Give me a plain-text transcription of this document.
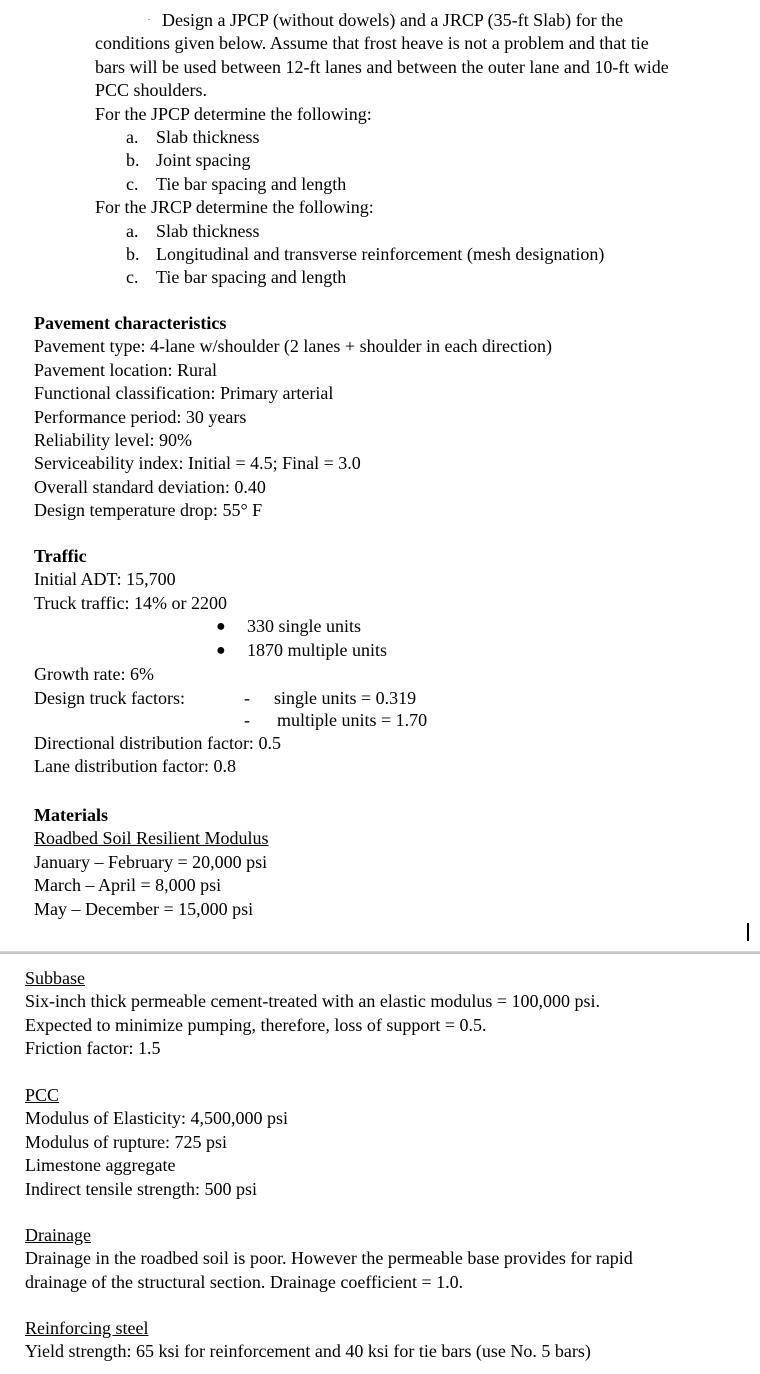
Design a JPCP (without dowels) and a JRCP (35-ft Slab) for the
conditions given below. Assume that frost heave is not a problem and that tie
bars will be used between 12-ft lanes and between the outer lane and 10-ft wide
PCC shoulders.
For the JPCP determine the following:
a. Slab thickness
b. Joint spacing
c. Tie bar spacing and length
For the JRCP determine the following:
a. Slab thickness
b. Longitudinal and transverse reinforcement (mesh designation)
c. Tie bar spacing and length
Pavement characteristics
Pavement type: 4-lane w/shoulder (2 lanes + shoulder in each direction)
Pavement location: Rural
Functional classification: Primary arterial
Performance period: 30 years
Reliability level: 90%
Serviceability index: Initial = 4.5; Final = 3.0
Overall standard deviation: 0.40
Design temperature drop: 55° F
Traffic
Initial ADT: 15,700
Truck traffic: 14% or 2200
●	330 single units
●	1870 multiple units
Growth rate: 6%
Design truck factors:	-	single units = 0.319
-	multiple units = 1.70
Directional distribution factor: 0.5
Lane distribution factor: 0.8
Materials
Roadbed Soil Resilient Modulus
January – February = 20,000 psi
March – April = 8,000 psi
May – December = 15,000 psi
Subbase
Six-inch thick permeable cement-treated with an elastic modulus = 100,000 psi.
Expected to minimize pumping, therefore, loss of support = 0.5.
Friction factor: 1.5
PCC
Modulus of Elasticity: 4,500,000 psi
Modulus of rupture: 725 psi
Limestone aggregate
Indirect tensile strength: 500 psi
Drainage
Drainage in the roadbed soil is poor. However the permeable base provides for rapid
drainage of the structural section. Drainage coefficient = 1.0.
Reinforcing steel
Yield strength: 65 ksi for reinforcement and 40 ksi for tie bars (use No. 5 bars)
